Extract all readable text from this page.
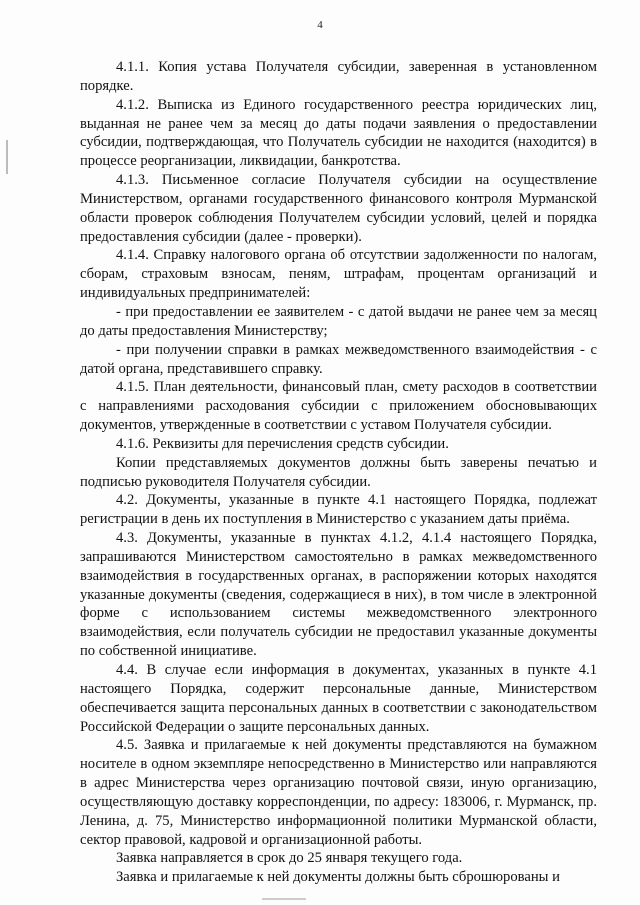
4

4.1.1. Копия устава Получателя субсидии, заверенная в установленном порядке.

4.1.2. Выписка из Единого государственного реестра юридических лиц, выданная не ранее чем за месяц до даты подачи заявления о предоставлении субсидии, подтверждающая, что Получатель субсидии не находится (находится) в процессе реорганизации, ликвидации, банкротства.

4.1.3. Письменное согласие Получателя субсидии на осуществление Министерством, органами государственного финансового контроля Мурманской области проверок соблюдения Получателем субсидии условий, целей и порядка предоставления субсидии (далее - проверки).

4.1.4. Справку налогового органа об отсутствии задолженности по налогам, сборам, страховым взносам, пеням, штрафам, процентам организаций и индивидуальных предпринимателей:

- при предоставлении ее заявителем - с датой выдачи не ранее чем за месяц до даты предоставления Министерству;

- при получении справки в рамках межведомственного взаимодействия - с датой органа, представившего справку.

4.1.5. План деятельности, финансовый план, смету расходов в соответствии с направлениями расходования субсидии с приложением обосновывающих документов, утвержденные в соответствии с уставом Получателя субсидии.

4.1.6. Реквизиты для перечисления средств субсидии.

Копии представляемых документов должны быть заверены печатью и подписью руководителя Получателя субсидии.

4.2. Документы, указанные в пункте 4.1 настоящего Порядка, подлежат регистрации в день их поступления в Министерство с указанием даты приёма.

4.3. Документы, указанные в пунктах 4.1.2, 4.1.4 настоящего Порядка, запрашиваются Министерством самостоятельно в рамках межведомственного взаимодействия в государственных органах, в распоряжении которых находятся указанные документы (сведения, содержащиеся в них), в том числе в электронной форме с использованием системы межведомственного электронного взаимодействия, если получатель субсидии не предоставил указанные документы по собственной инициативе.

4.4. В случае если информация в документах, указанных в пункте 4.1 настоящего Порядка, содержит персональные данные, Министерством обеспечивается защита персональных данных в соответствии с законодательством Российской Федерации о защите персональных данных.

4.5. Заявка и прилагаемые к ней документы представляются на бумажном носителе в одном экземпляре непосредственно в Министерство или направляются в адрес Министерства через организацию почтовой связи, иную организацию, осуществляющую доставку корреспонденции, по адресу: 183006, г. Мурманск, пр. Ленина, д. 75, Министерство информационной политики Мурманской области, сектор правовой, кадровой и организационной работы.

Заявка направляется в срок до 25 января текущего года.

Заявка и прилагаемые к ней документы должны быть сброшюрованы и
